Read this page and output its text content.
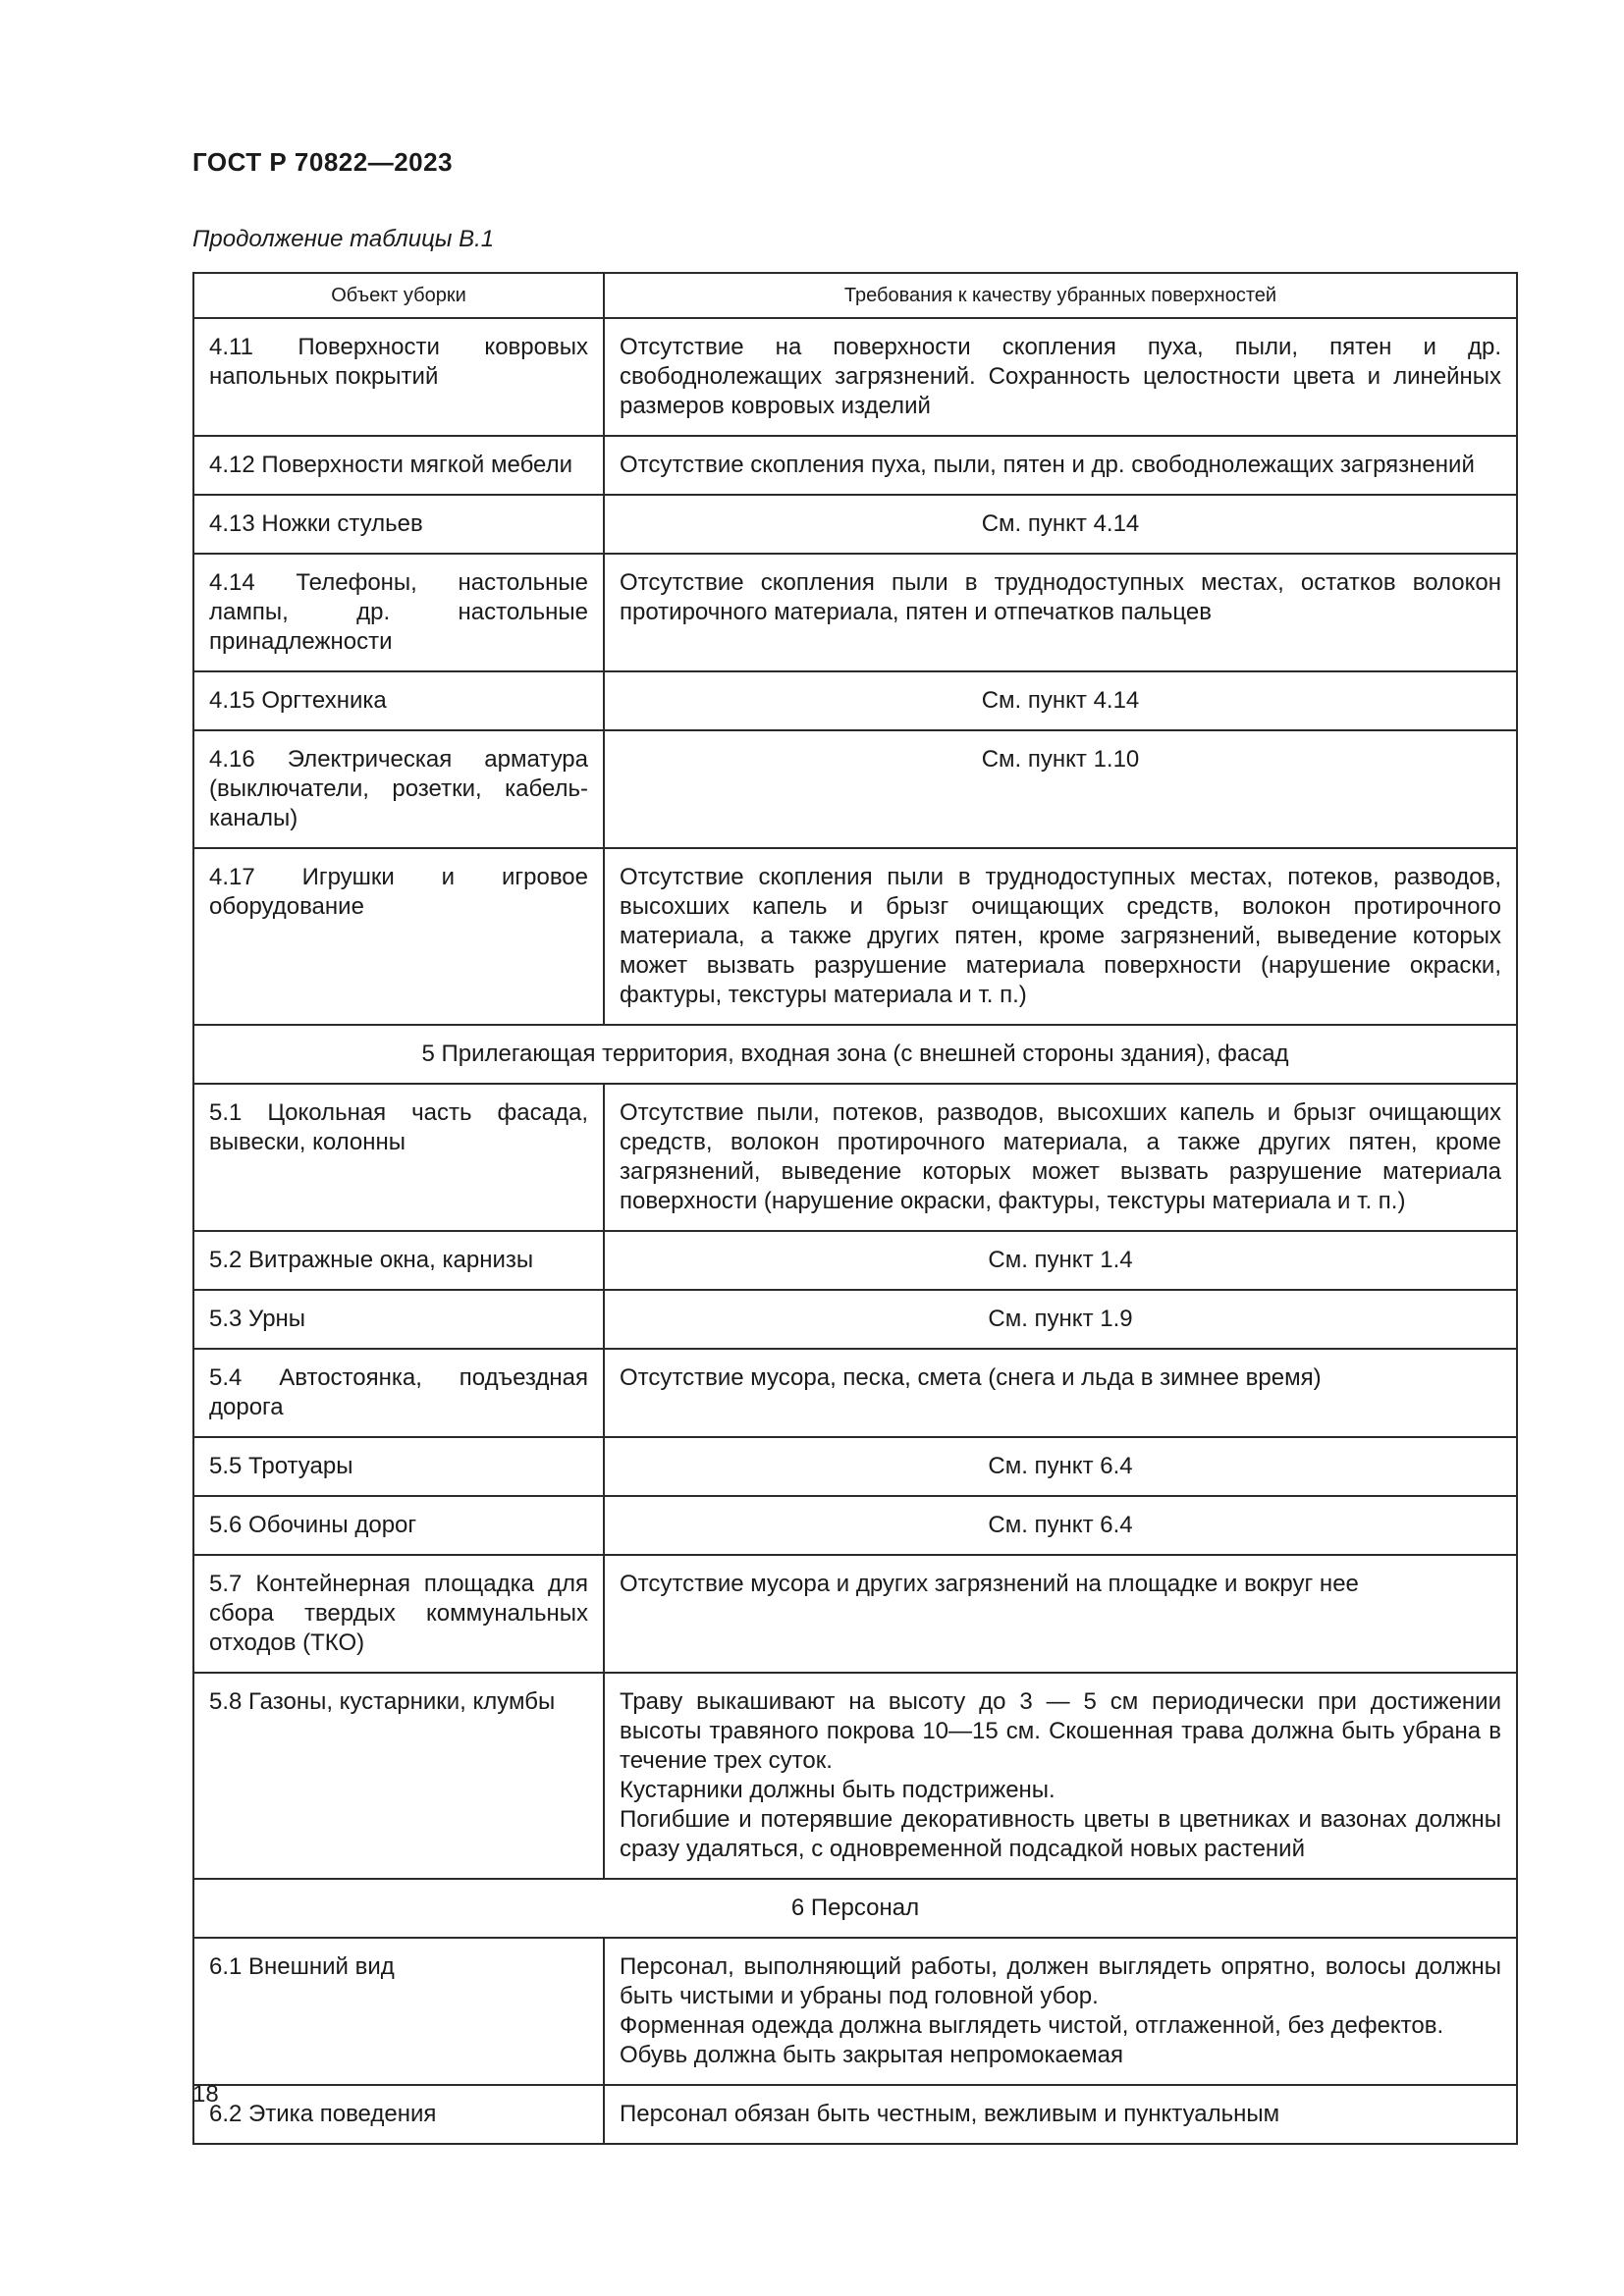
ГОСТ Р 70822—2023
Продолжение таблицы В.1
Объект уборки	Требования к качеству убранных поверхностей
4.11 Поверхности ковровых напольных покрытий	Отсутствие на поверхности скопления пуха, пыли, пятен и др. свободнолежащих загрязнений. Сохранность целостности цвета и линейных размеров ковровых изделий

4.12 Поверхности мягкой мебели	Отсутствие скопления пуха, пыли, пятен и др. свободнолежащих загрязнений

4.13 Ножки стульев	См. пункт 4.14
4.14 Телефоны, настольные лампы, др. настольные принадлежности	Отсутствие скопления пыли в труднодоступных местах, остатков волокон протирочного материала, пятен и отпечатков пальцев

4.15 Оргтехника	См. пункт 4.14
4.16 Электрическая арматура (выключатели, розетки, кабель-каналы)	См. пункт 1.10
4.17 Игрушки и игровое оборудование	Отсутствие скопления пыли в труднодоступных местах, потеков, разводов, высохших капель и брызг очищающих средств, волокон протирочного материала, а также других пятен, кроме загрязнений, выведение которых может вызвать разрушение материала поверхности (нарушение окраски, фактуры, текстуры материала и т. п.)

5 Прилегающая территория, входная зона (с внешней стороны здания), фасад	
5.1 Цокольная часть фасада, вывески, колонны	Отсутствие пыли, потеков, разводов, высохших капель и брызг очищающих средств, волокон протирочного материала, а также других пятен, кроме загрязнений, выведение которых может вызвать разрушение материала поверхности (нарушение окраски, фактуры, текстуры материала и т. п.)

5.2 Витражные окна, карнизы	См. пункт 1.4
5.3 Урны	См. пункт 1.9
5.4 Автостоянка, подъездная дорога	Отсутствие мусора, песка, смета (снега и льда в зимнее время)

5.5 Тротуары	См. пункт 6.4
5.6 Обочины дорог	См. пункт 6.4
5.7 Контейнерная площадка для сбора твердых коммунальных отходов (ТКО)	Отсутствие мусора и других загрязнений на площадке и вокруг нее

5.8 Газоны, кустарники, клумбы	Траву выкашивают на высоту до 3 — 5 см периодически при достижении высоты травяного покрова 10—15 см. Скошенная трава должна быть убрана в течение трех суток.
Кустарники должны быть подстрижены.
Погибшие и потерявшие декоративность цветы в цветниках и вазонах должны сразу удаляться, с одновременной подсадкой новых растений

6 Персонал	
6.1 Внешний вид	Персонал, выполняющий работы, должен выглядеть опрятно, волосы должны быть чистыми и убраны под головной убор.
Форменная одежда должна выглядеть чистой, отглаженной, без дефектов.
Обувь должна быть закрытая непромокаемая

6.2 Этика поведения	Персонал обязан быть честным, вежливым и пунктуальным
18
